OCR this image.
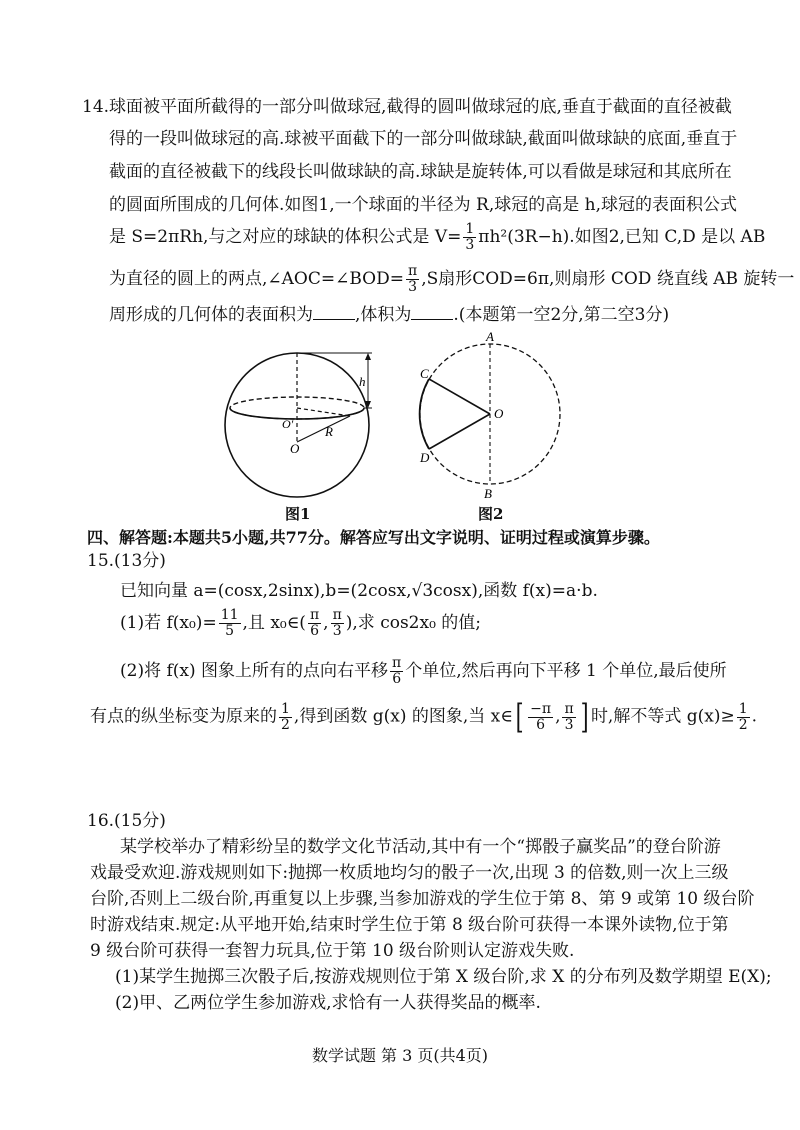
14.球面被平面所截得的一部分叫做球冠,截得的圆叫做球冠的底,垂直于截面的直径被截
得的一段叫做球冠的高.球被平面截下的一部分叫做球缺,截面叫做球缺的底面,垂直于
截面的直径被截下的线段长叫做球缺的高.球缺是旋转体,可以看做是球冠和其底所在
的圆面所围成的几何体.如图1,一个球面的半径为 R,球冠的高是 h,球冠的表面积公式
是 S=2πRh,与之对应的球缺的体积公式是 $V= \frac{1}{3} \pi h^2(3R-h)$.如图2,已知 C,D 是以 AB
为直径的圆上的两点,∠AOC=∠BOD= $\frac{\pi}{3} ,S$扇形COD=6π,则扇形 COD 绕直线 AB 旋转一
周形成的几何体的表面积为 ,体积为 .(本题第一空2分,第二空3分)
h
O′ R
O
图1
A
B
C
D
O
图2
四、解答题:本题共5小题,共77分。解答应写出文字说明、证明过程或演算步骤。
15.(13分)
已知向量 a=(cosx,2sinx),b=(2cosx,√3cosx),函数 f(x)=a·b.
(1)若 $f(x_0)= \frac{11}{5}$ ,且 x₀∈( $\frac{\pi}{6}$ , $\frac{\pi}{3}$ ),求 cos2x₀ 的值;
(2)将 f(x) 图象上所有的点向右平移 $\frac{\pi}{6}$ 个单位,然后再向下平移 1 个单位,最后使所
有点的纵坐标变为原来的 $\frac{1}{2}$ ,得到函数 g(x) 的图象,当 x∈[ $\frac{-\pi}{6}$ , $\frac{\pi}{3}$ ] 时,解不等式 $g(x)\ge \frac{1}{2}$ .
16.(15分)
某学校举办了精彩纷呈的数学文化节活动,其中有一个“掷骰子赢奖品”的登台阶游
戏最受欢迎.游戏规则如下:抛掷一枚质地均匀的骰子一次,出现 3 的倍数,则一次上三级
台阶,否则上二级台阶,再重复以上步骤,当参加游戏的学生位于第 8、第 9 或第 10 级台阶
时游戏结束.规定:从平地开始,结束时学生位于第 8 级台阶可获得一本课外读物,位于第
9 级台阶可获得一套智力玩具,位于第 10 级台阶则认定游戏失败.
(1)某学生抛掷三次骰子后,按游戏规则位于第 X 级台阶,求 X 的分布列及数学期望 E(X);
(2)甲、乙两位学生参加游戏,求恰有一人获得奖品的概率.
数学试题 第 3 页(共4页)
